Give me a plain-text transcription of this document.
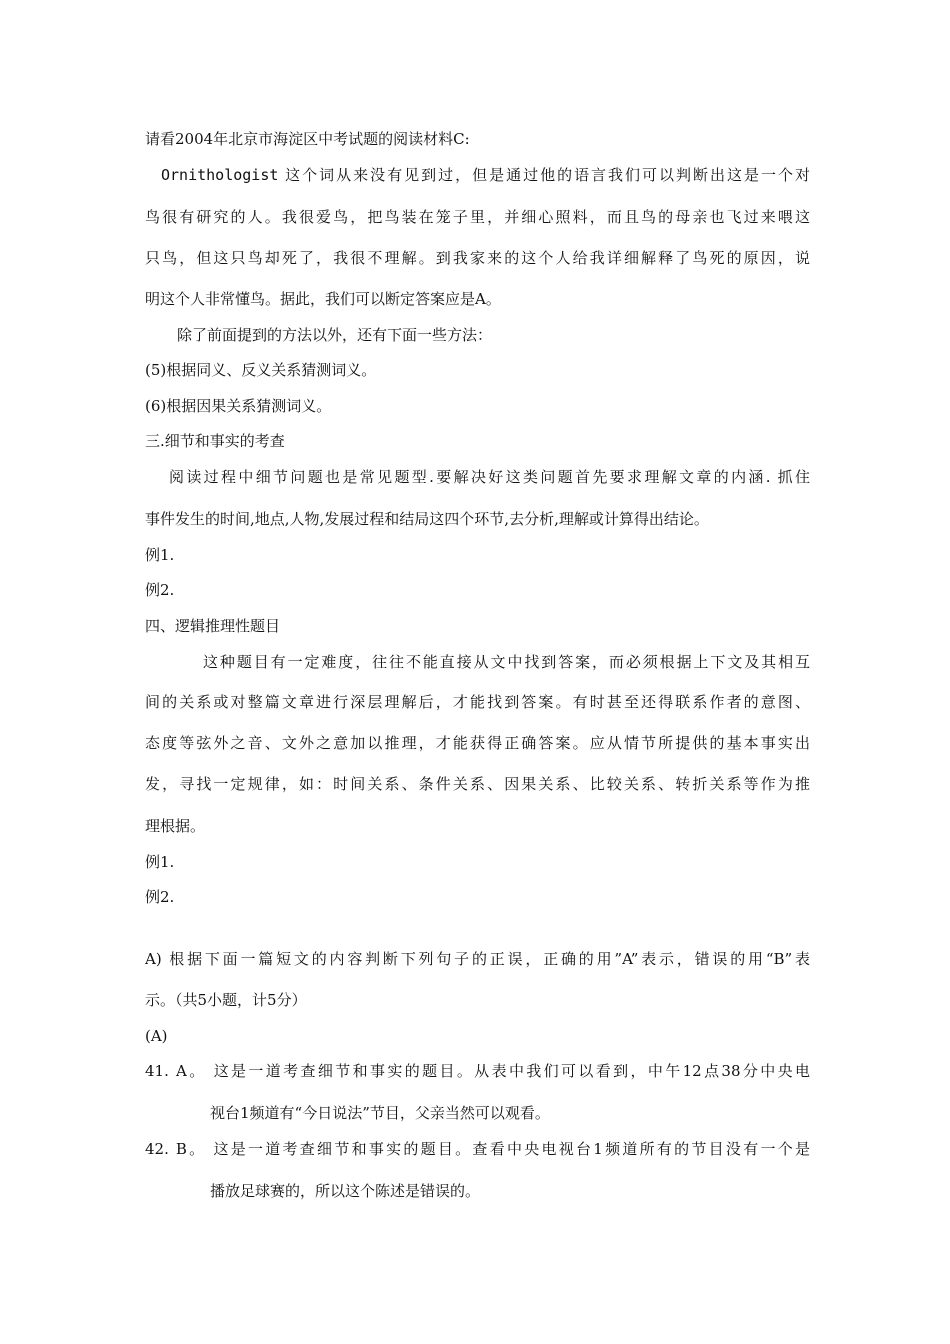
请看2004年北京市海淀区中考试题的阅读材料C:
Ornithologist 这个词从来没有见到过，但是通过他的语言我们可以判断出这是一个对
鸟很有研究的人。我很爱鸟，把鸟装在笼子里，并细心照料，而且鸟的母亲也飞过来喂这
只鸟，但这只鸟却死了，我很不理解。到我家来的这个人给我详细解释了鸟死的原因，说
明这个人非常懂鸟。据此，我们可以断定答案应是A。
除了前面提到的方法以外，还有下面一些方法：
(5)根据同义、反义关系猜测词义。
(6)根据因果关系猜测词义。
三.细节和事实的考查
阅读过程中细节问题也是常见题型.要解决好这类问题首先要求理解文章的内涵. 抓住
事件发生的时间,地点,人物,发展过程和结局这四个环节,去分析,理解或计算得出结论。
例1.
例2.
四、逻辑推理性题目
这种题目有一定难度，往往不能直接从文中找到答案，而必须根据上下文及其相互
间的关系或对整篇文章进行深层理解后，才能找到答案。有时甚至还得联系作者的意图、
态度等弦外之音、文外之意加以推理，才能获得正确答案。应从情节所提供的基本事实出
发，寻找一定规律，如：时间关系、条件关系、因果关系、比较关系、转折关系等作为推
理根据。
例1.
例2.
A) 根据下面一篇短文的内容判断下列句子的正误，正确的用”A”表示，错误的用“B”表
示。（共5小题，计5分）
(A)
41. A。 这是一道考查细节和事实的题目。从表中我们可以看到，中午12点38分中央电
视台1频道有“今日说法”节目，父亲当然可以观看。
42. B。 这是一道考查细节和事实的题目。查看中央电视台1频道所有的节目没有一个是
播放足球赛的，所以这个陈述是错误的。
